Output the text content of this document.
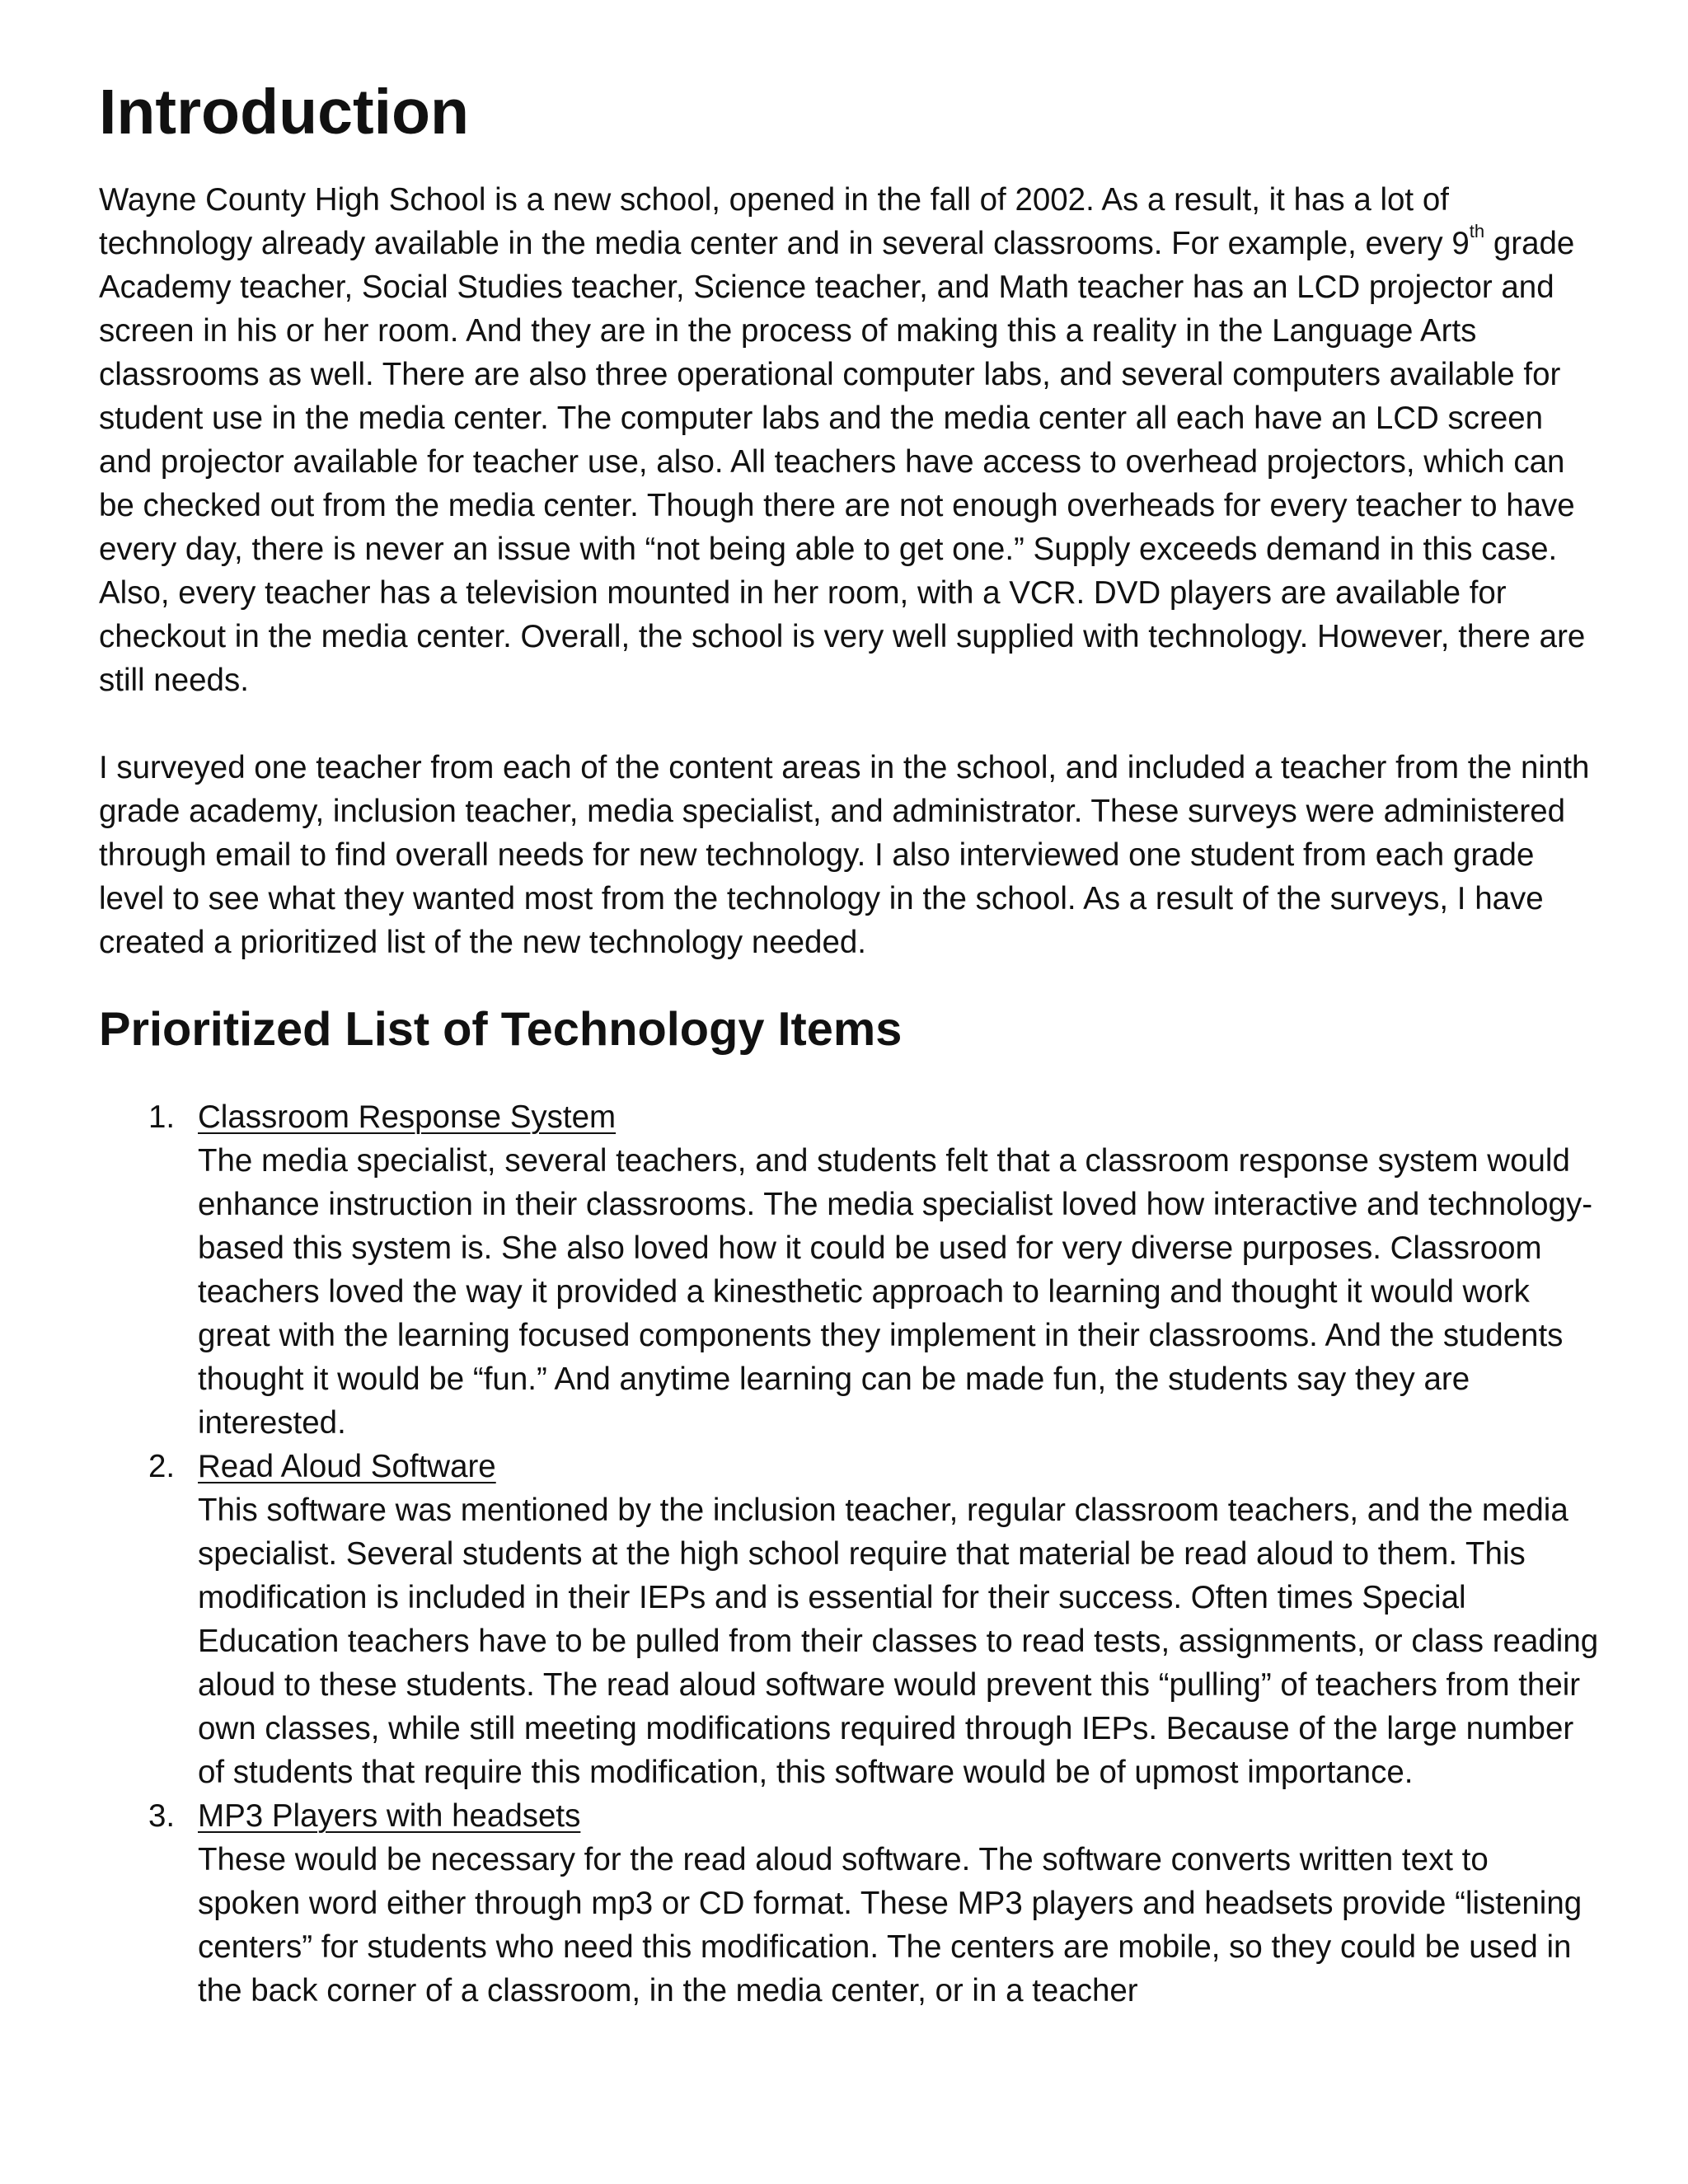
Introduction

Wayne County High School is a new school, opened in the fall of 2002. As a result, it has a lot of technology already available in the media center and in several classrooms. For example, every 9th grade Academy teacher, Social Studies teacher, Science teacher, and Math teacher has an LCD projector and screen in his or her room. And they are in the process of making this a reality in the Language Arts classrooms as well. There are also three operational computer labs, and several computers available for student use in the media center. The computer labs and the media center all each have an LCD screen and projector available for teacher use, also. All teachers have access to overhead projectors, which can be checked out from the media center. Though there are not enough overheads for every teacher to have every day, there is never an issue with “not being able to get one.” Supply exceeds demand in this case. Also, every teacher has a television mounted in her room, with a VCR. DVD players are available for checkout in the media center. Overall, the school is very well supplied with technology. However, there are still needs.

I surveyed one teacher from each of the content areas in the school, and included a teacher from the ninth grade academy, inclusion teacher, media specialist, and administrator. These surveys were administered through email to find overall needs for new technology. I also interviewed one student from each grade level to see what they wanted most from the technology in the school. As a result of the surveys, I have created a prioritized list of the new technology needed.

Prioritized List of Technology Items
1. Classroom Response System

The media specialist, several teachers, and students felt that a classroom response system would enhance instruction in their classrooms. The media specialist loved how interactive and technology-based this system is. She also loved how it could be used for very diverse purposes. Classroom teachers loved the way it provided a kinesthetic approach to learning and thought it would work great with the learning focused components they implement in their classrooms. And the students thought it would be “fun.” And anytime learning can be made fun, the students say they are interested.

2. Read Aloud Software

This software was mentioned by the inclusion teacher, regular classroom teachers, and the media specialist. Several students at the high school require that material be read aloud to them. This modification is included in their IEPs and is essential for their success. Often times Special Education teachers have to be pulled from their classes to read tests, assignments, or class reading aloud to these students. The read aloud software would prevent this “pulling” of teachers from their own classes, while still meeting modifications required through IEPs. Because of the large number of students that require this modification, this software would be of upmost importance.

3. MP3 Players with headsets

These would be necessary for the read aloud software. The software converts written text to spoken word either through mp3 or CD format. These MP3 players and headsets provide “listening centers” for students who need this modification. The centers are mobile, so they could be used in the back corner of a classroom, in the media center, or in a teacher
